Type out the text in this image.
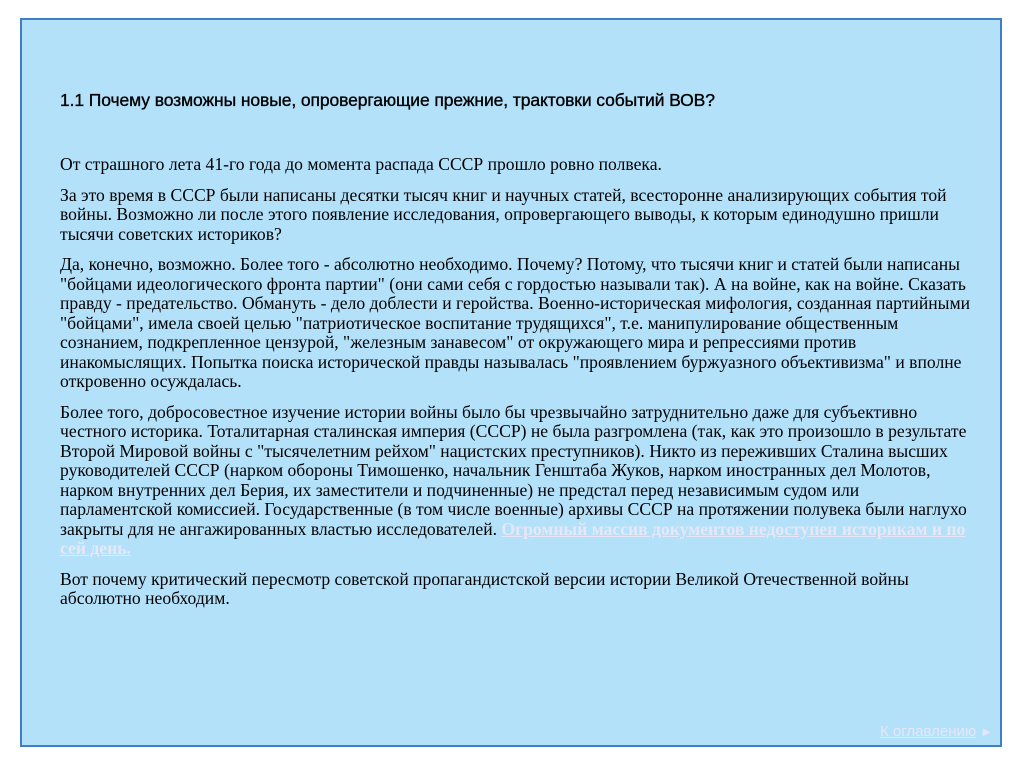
1.1 Почему возможны новые, опровергающие прежние, трактовки событий ВОВ?

От страшного лета 41-го года до момента распада СССР прошло ровно полвека.

За это время в СССР были написаны десятки тысяч книг и научных статей, всесторонне анализирующих события той войны. Возможно ли после этого появление исследования, опровергающего выводы, к которым единодушно пришли тысячи советских историков?

Да, конечно, возможно. Более того - абсолютно необходимо. Почему? Потому, что тысячи книг и статей были написаны "бойцами идеологического фронта партии" (они сами себя с гордостью называли так). А на войне, как на войне. Сказать правду - предательство. Обмануть - дело доблести и геройства. Военно-историческая мифология, созданная партийными "бойцами", имела своей целью "патриотическое воспитание трудящихся", т.е. манипулирование общественным сознанием, подкрепленное цензурой, "железным занавесом" от окружающего мира и репрессиями против инакомыслящих. Попытка поиска исторической правды называлась "проявлением буржуазного объективизма" и вполне откровенно осуждалась.

Более того, добросовестное изучение истории войны было бы чрезвычайно затруднительно даже для субъективно честного историка. Тоталитарная сталинская империя (СССР) не была разгромлена (так, как это произошло в результате Второй Мировой войны с "тысячелетним рейхом" нацистских преступников). Никто из переживших Сталина высших руководителей СССР (нарком обороны Тимошенко, начальник Генштаба Жуков, нарком иностранных дел Молотов, нарком внутренних дел Берия, их заместители и подчиненные) не предстал перед независимым судом или парламентской комиссией. Государственные (в том числе военные) архивы СССР на протяжении полувека были наглухо закрыты для не ангажированных властью исследователей. Огромный массив документов недоступен историкам и по сей день.

Вот почему критический пересмотр советской пропагандистской версии истории Великой Отечественной войны абсолютно необходим.

К оглавлению ►
